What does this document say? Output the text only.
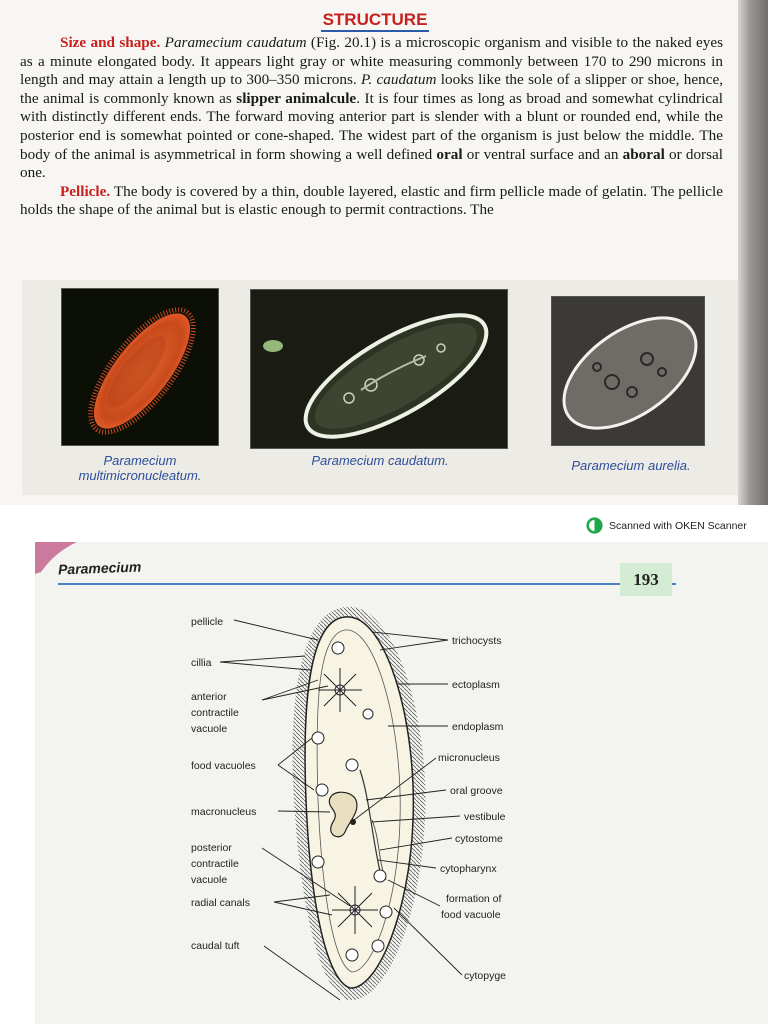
STRUCTURE

Size and shape. Paramecium caudatum (Fig. 20.1) is a microscopic organism and visible to the naked eyes as a minute elongated body. It appears light gray or white measuring commonly between 170 to 290 microns in length and may attain a length up to 300–350 microns. P. caudatum looks like the sole of a slipper or shoe, hence, the animal is commonly known as slipper animalcule. It is four times as long as broad and somewhat cylindrical with distinctly different ends. The forward moving anterior part is slender with a blunt or rounded end, while the posterior end is somewhat pointed or cone-shaped. The widest part of the organism is just below the middle. The body of the animal is asymmetrical in form showing a well defined oral or ventral surface and an aboral or dorsal one.

Pellicle. The body is covered by a thin, double layered, elastic and firm pellicle made of gelatin. The pellicle holds the shape of the animal but is elastic enough to permit contractions. The

Paramecium multimicronucleatum.
Paramecium caudatum.	Paramecium aurelia.
Scanned with OKEN Scanner
Paramecium
193
pellicle
cillia
anterior
contractile
vacuole
food vacuoles
macronucleus
posterior
contractile
vacuole
radial canals
caudal tuft
trichocysts
ectoplasm
endoplasm
micronucleus
oral groove
vestibule
cytostome
cytopharynx
formation of
food vacuole
cytopyge
